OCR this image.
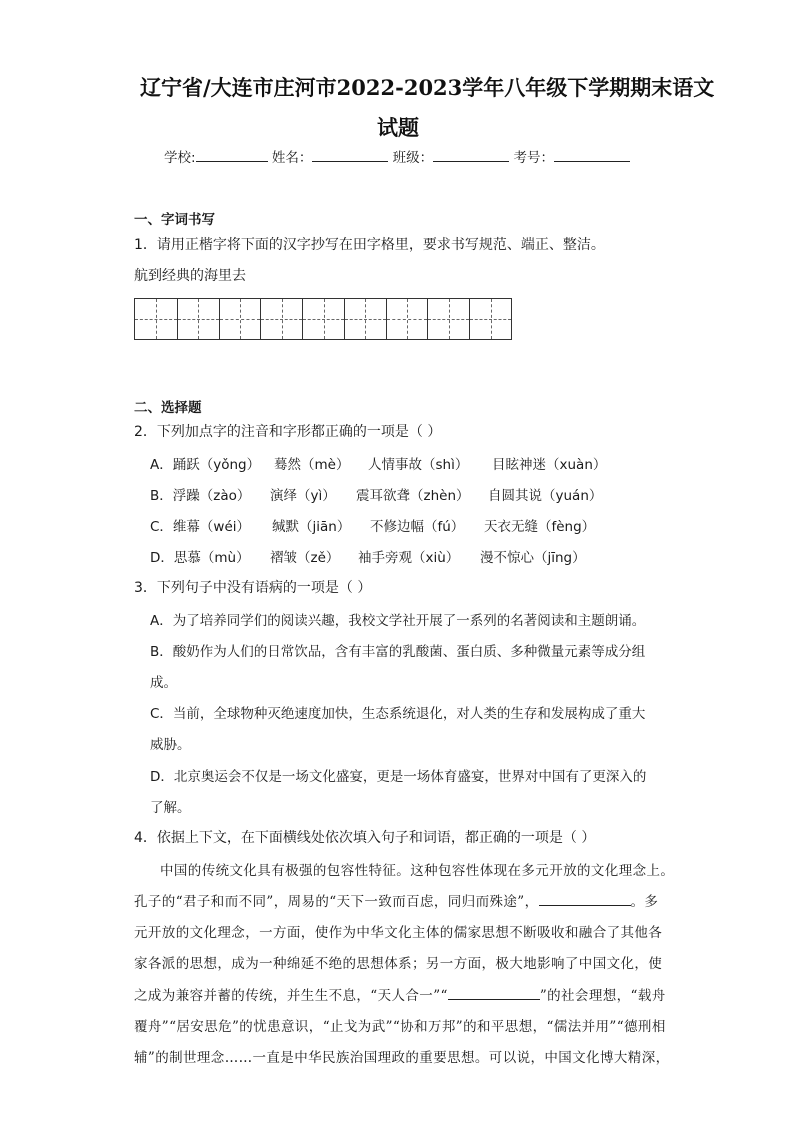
辽宁省/大连市庄河市2022-2023学年八年级下学期期末语文
试题
学校:	姓名：	班级：	考号：
一、字词书写
1．请用正楷字将下面的汉字抄写在田字格里，要求书写规范、端正、整洁。
航到经典的海里去
二、选择题
2．下列加点字的注音和字形都正确的一项是（ ）
A．踊跃（yǒng） 蓦然（mè） 人情事故（shì） 目眩神迷（xuàn）
B．浮躁（zào） 演绎（yì） 震耳欲聋（zhèn） 自圆其说（yuán）
C．维幕（wéi） 缄默（jiān） 不修边幅（fú） 天衣无缝（fèng）
D．思慕（mù） 褶皱（zě） 袖手旁观（xiù） 漫不惊心（jīng）
3．下列句子中没有语病的一项是（ ）
A．为了培养同学们的阅读兴趣，我校文学社开展了一系列的名著阅读和主题朗诵。
B．酸奶作为人们的日常饮品，含有丰富的乳酸菌、蛋白质、多种微量元素等成分组
成。
C．当前，全球物种灭绝速度加快，生态系统退化，对人类的生存和发展构成了重大
威胁。
D．北京奥运会不仅是一场文化盛宴，更是一场体育盛宴，世界对中国有了更深入的
了解。
4．依据上下文，在下面横线处依次填入句子和词语，都正确的一项是（ ）
中国的传统文化具有极强的包容性特征。这种包容性体现在多元开放的文化理念上。
孔子的“君子和而不同”，周易的“天下一致而百虑，同归而殊途”，	。多
元开放的文化理念，一方面，使作为中华文化主体的儒家思想不断吸收和融合了其他各
家各派的思想，成为一种绵延不绝的思想体系；另一方面，极大地影响了中国文化，使
之成为兼容并蓄的传统，并生生不息，“天人合一”“	”的社会理想，“载舟
覆舟”“居安思危”的忧患意识，“止戈为武”“协和万邦”的和平思想，“儒法并用”“德刑相
辅”的制世理念……一直是中华民族治国理政的重要思想。可以说，中国文化博大精深，
